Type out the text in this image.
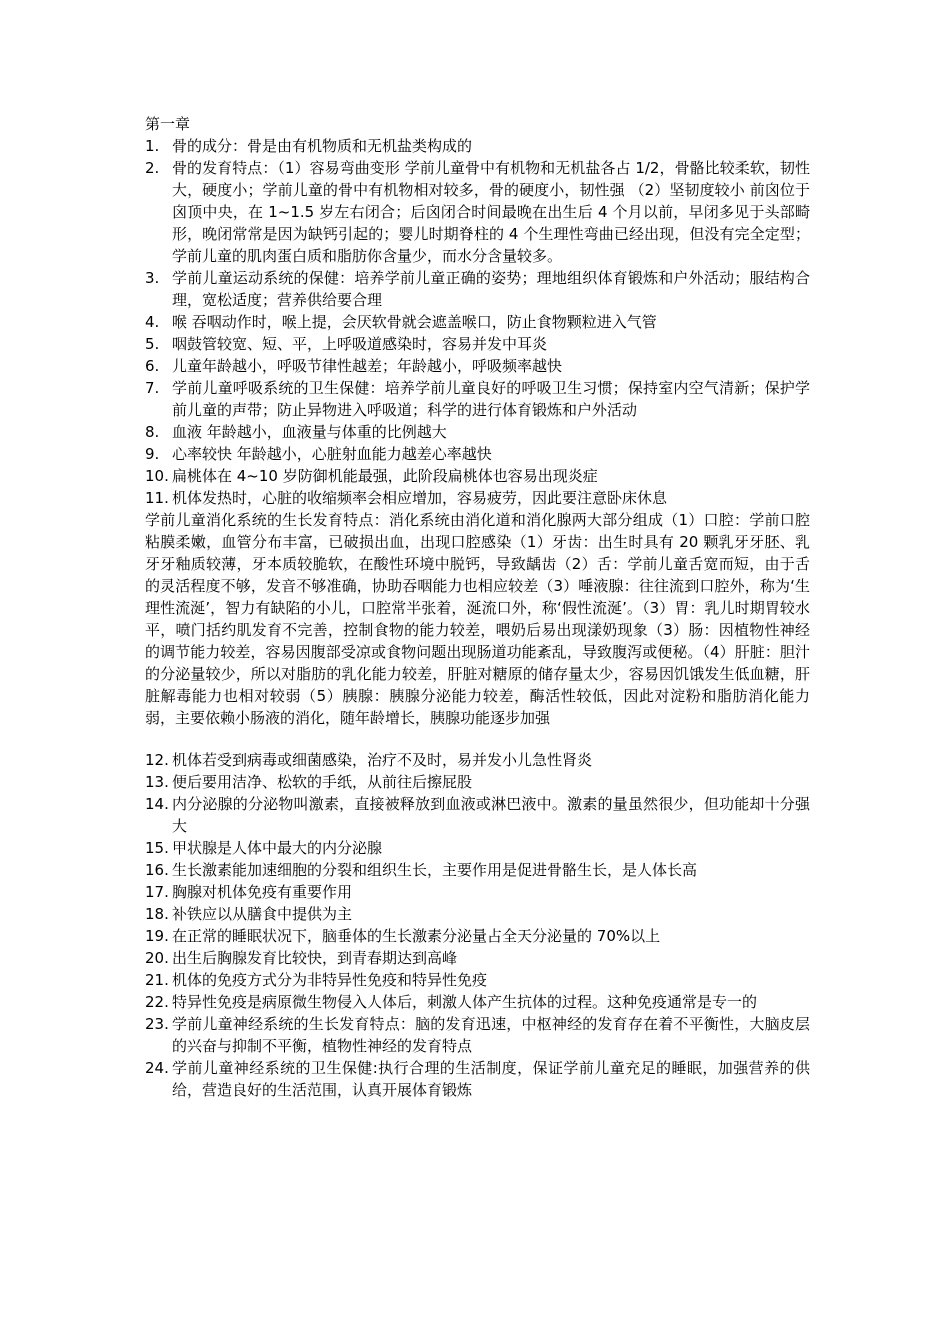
第一章

1. 骨的成分：骨是由有机物质和无机盐类构成的
2. 骨的发育特点：（1）容易弯曲变形 学前儿童骨中有机物和无机盐各占 1/2，骨骼比较柔软，韧性大，硬度小；学前儿童的骨中有机物相对较多，骨的硬度小，韧性强 （2）坚韧度较小 前囟位于囟顶中央，在 1~1.5 岁左右闭合；后囟闭合时间最晚在出生后 4 个月以前，早闭多见于头部畸形，晚闭常常是因为缺钙引起的；婴儿时期脊柱的 4 个生理性弯曲已经出现，但没有完全定型；学前儿童的肌肉蛋白质和脂肪你含量少，而水分含量较多。
3. 学前儿童运动系统的保健：培养学前儿童正确的姿势；理地组织体育锻炼和户外活动；服结构合理，宽松适度；营养供给要合理
4. 喉 吞咽动作时，喉上提，会厌软骨就会遮盖喉口，防止食物颗粒进入气管
5. 咽鼓管较宽、短、平，上呼吸道感染时，容易并发中耳炎
6. 儿童年龄越小，呼吸节律性越差；年龄越小，呼吸频率越快
7. 学前儿童呼吸系统的卫生保健：培养学前儿童良好的呼吸卫生习惯；保持室内空气清新；保护学前儿童的声带；防止异物进入呼吸道；科学的进行体育锻炼和户外活动
8. 血液 年龄越小，血液量与体重的比例越大
9. 心率较快 年龄越小，心脏射血能力越差心率越快
10. 扁桃体在 4~10 岁防御机能最强，此阶段扁桃体也容易出现炎症
11. 机体发热时，心脏的收缩频率会相应增加，容易疲劳，因此要注意卧床休息

学前儿童消化系统的生长发育特点：消化系统由消化道和消化腺两大部分组成（1）口腔：学前口腔粘膜柔嫩，血管分布丰富，已破损出血，出现口腔感染（1）牙齿：出生时具有 20 颗乳牙牙胚、乳牙牙釉质较薄，牙本质较脆软，在酸性环境中脱钙，导致龋齿（2）舌：学前儿童舌宽而短，由于舌的灵活程度不够，发音不够准确，协助吞咽能力也相应较差（3）唾液腺：往往流到口腔外，称为‘生理性流涎’，智力有缺陷的小儿，口腔常半张着，涎流口外，称‘假性流涎’。（3）胃：乳儿时期胃较水平，喷门括约肌发育不完善，控制食物的能力较差，喂奶后易出现漾奶现象（3）肠：因植物性神经的调节能力较差，容易因腹部受凉或食物问题出现肠道功能紊乱，导致腹泻或便秘。（4）肝脏：胆汁的分泌量较少，所以对脂肪的乳化能力较差，肝脏对糖原的储存量太少，容易因饥饿发生低血糖，肝脏解毒能力也相对较弱（5）胰腺：胰腺分泌能力较差，酶活性较低，因此对淀粉和脂肪消化能力弱，主要依赖小肠液的消化，随年龄增长，胰腺功能逐步加强

12. 机体若受到病毒或细菌感染，治疗不及时，易并发小儿急性肾炎
13. 便后要用洁净、松软的手纸，从前往后擦屁股
14. 内分泌腺的分泌物叫激素，直接被释放到血液或淋巴液中。激素的量虽然很少，但功能却十分强大
15. 甲状腺是人体中最大的内分泌腺
16. 生长激素能加速细胞的分裂和组织生长，主要作用是促进骨骼生长，是人体长高
17. 胸腺对机体免疫有重要作用
18. 补铁应以从膳食中提供为主
19. 在正常的睡眠状况下，脑垂体的生长激素分泌量占全天分泌量的 70%以上
20. 出生后胸腺发育比较快，到青春期达到高峰
21. 机体的免疫方式分为非特异性免疫和特异性免疫
22. 特异性免疫是病原微生物侵入人体后，刺激人体产生抗体的过程。这种免疫通常是专一的
23. 学前儿童神经系统的生长发育特点：脑的发育迅速，中枢神经的发育存在着不平衡性，大脑皮层的兴奋与抑制不平衡，植物性神经的发育特点
24. 学前儿童神经系统的卫生保健:执行合理的生活制度，保证学前儿童充足的睡眠，加强营养的供给，营造良好的生活范围，认真开展体育锻炼
